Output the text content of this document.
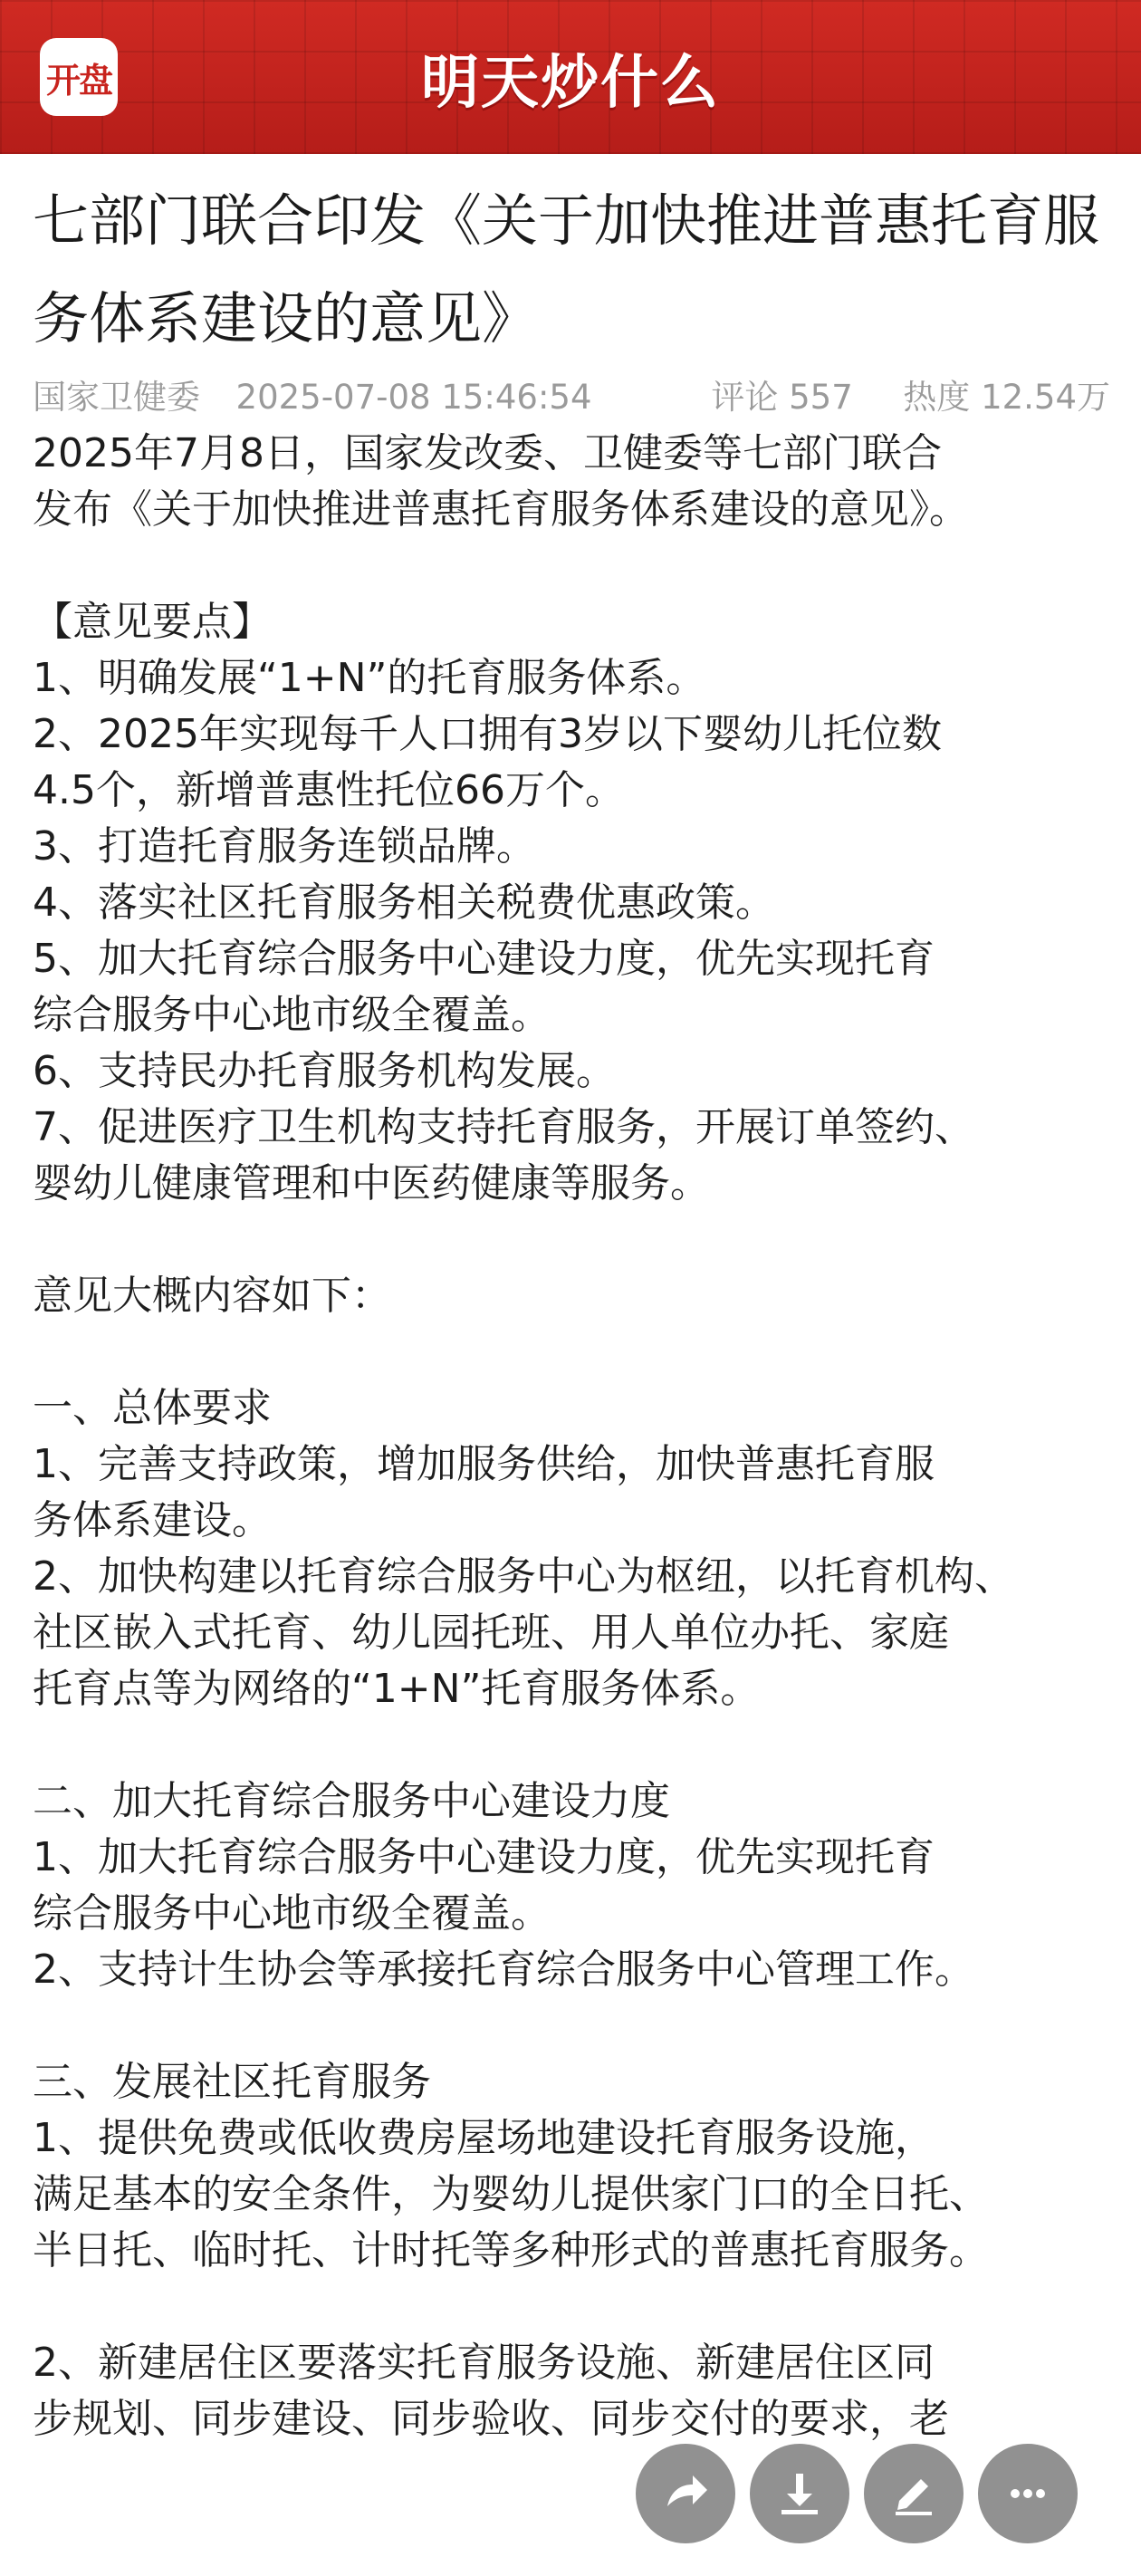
开盘	明天炒什么
七部门联合印发《关于加快推进普惠托育服务体系建设的意见》
国家卫健委 2025-07-08 15:46:54	评论 557 热度 12.54万

2025年7月8日，国家发改委、卫健委等七部门联合

发布《关于加快推进普惠托育服务体系建设的意见》。

【意见要点】

1、明确发展“1+N”的托育服务体系。

2、2025年实现每千人口拥有3岁以下婴幼儿托位数

4.5个，新增普惠性托位66万个。

3、打造托育服务连锁品牌。

4、落实社区托育服务相关税费优惠政策。

5、加大托育综合服务中心建设力度，优先实现托育

综合服务中心地市级全覆盖。

6、支持民办托育服务机构发展。

7、促进医疗卫生机构支持托育服务，开展订单签约、

婴幼儿健康管理和中医药健康等服务。

意见大概内容如下：

一、总体要求

1、完善支持政策，增加服务供给，加快普惠托育服

务体系建设。

2、加快构建以托育综合服务中心为枢纽，以托育机构、

社区嵌入式托育、幼儿园托班、用人单位办托、家庭

托育点等为网络的“1+N”托育服务体系。

二、加大托育综合服务中心建设力度

1、加大托育综合服务中心建设力度，优先实现托育

综合服务中心地市级全覆盖。

2、支持计生协会等承接托育综合服务中心管理工作。

三、发展社区托育服务

1、提供免费或低收费房屋场地建设托育服务设施，

满足基本的安全条件，为婴幼儿提供家门口的全日托、

半日托、临时托、计时托等多种形式的普惠托育服务。

2、新建居住区要落实托育服务设施、新建居住区同

步规划、同步建设、同步验收、同步交付的要求，老
